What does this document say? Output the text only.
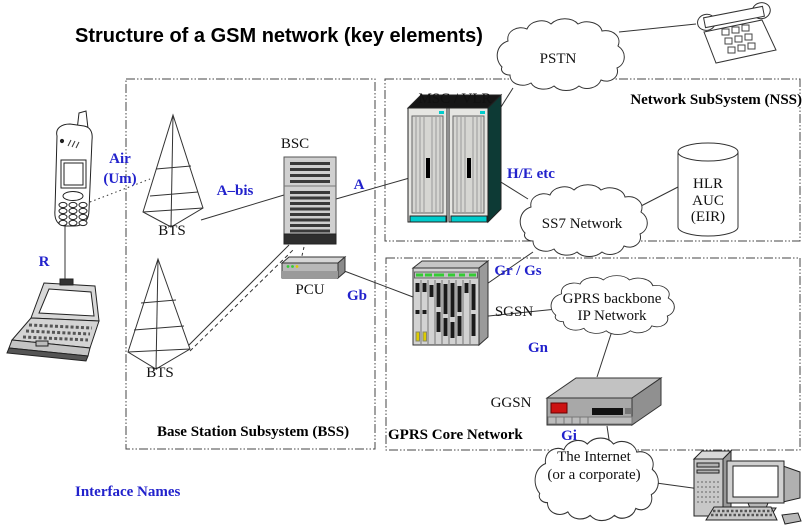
Structure of a GSM network (key elements)
Base Station Subsystem (BSS)
Network SubSystem (NSS)
GPRS Core Network
BTS
BTS
BSC
PCU
MSC / VLR
PSTN
SS7 Network
HLR
AUC
(EIR)
SGSN
GPRS backbone
IP Network
GGSN
The Internet
(or a corporate)
Air
(Um)
R
A–bis	A
H/E etc
Gr / Gs
Gb
Gn
Gi
Interface Names
